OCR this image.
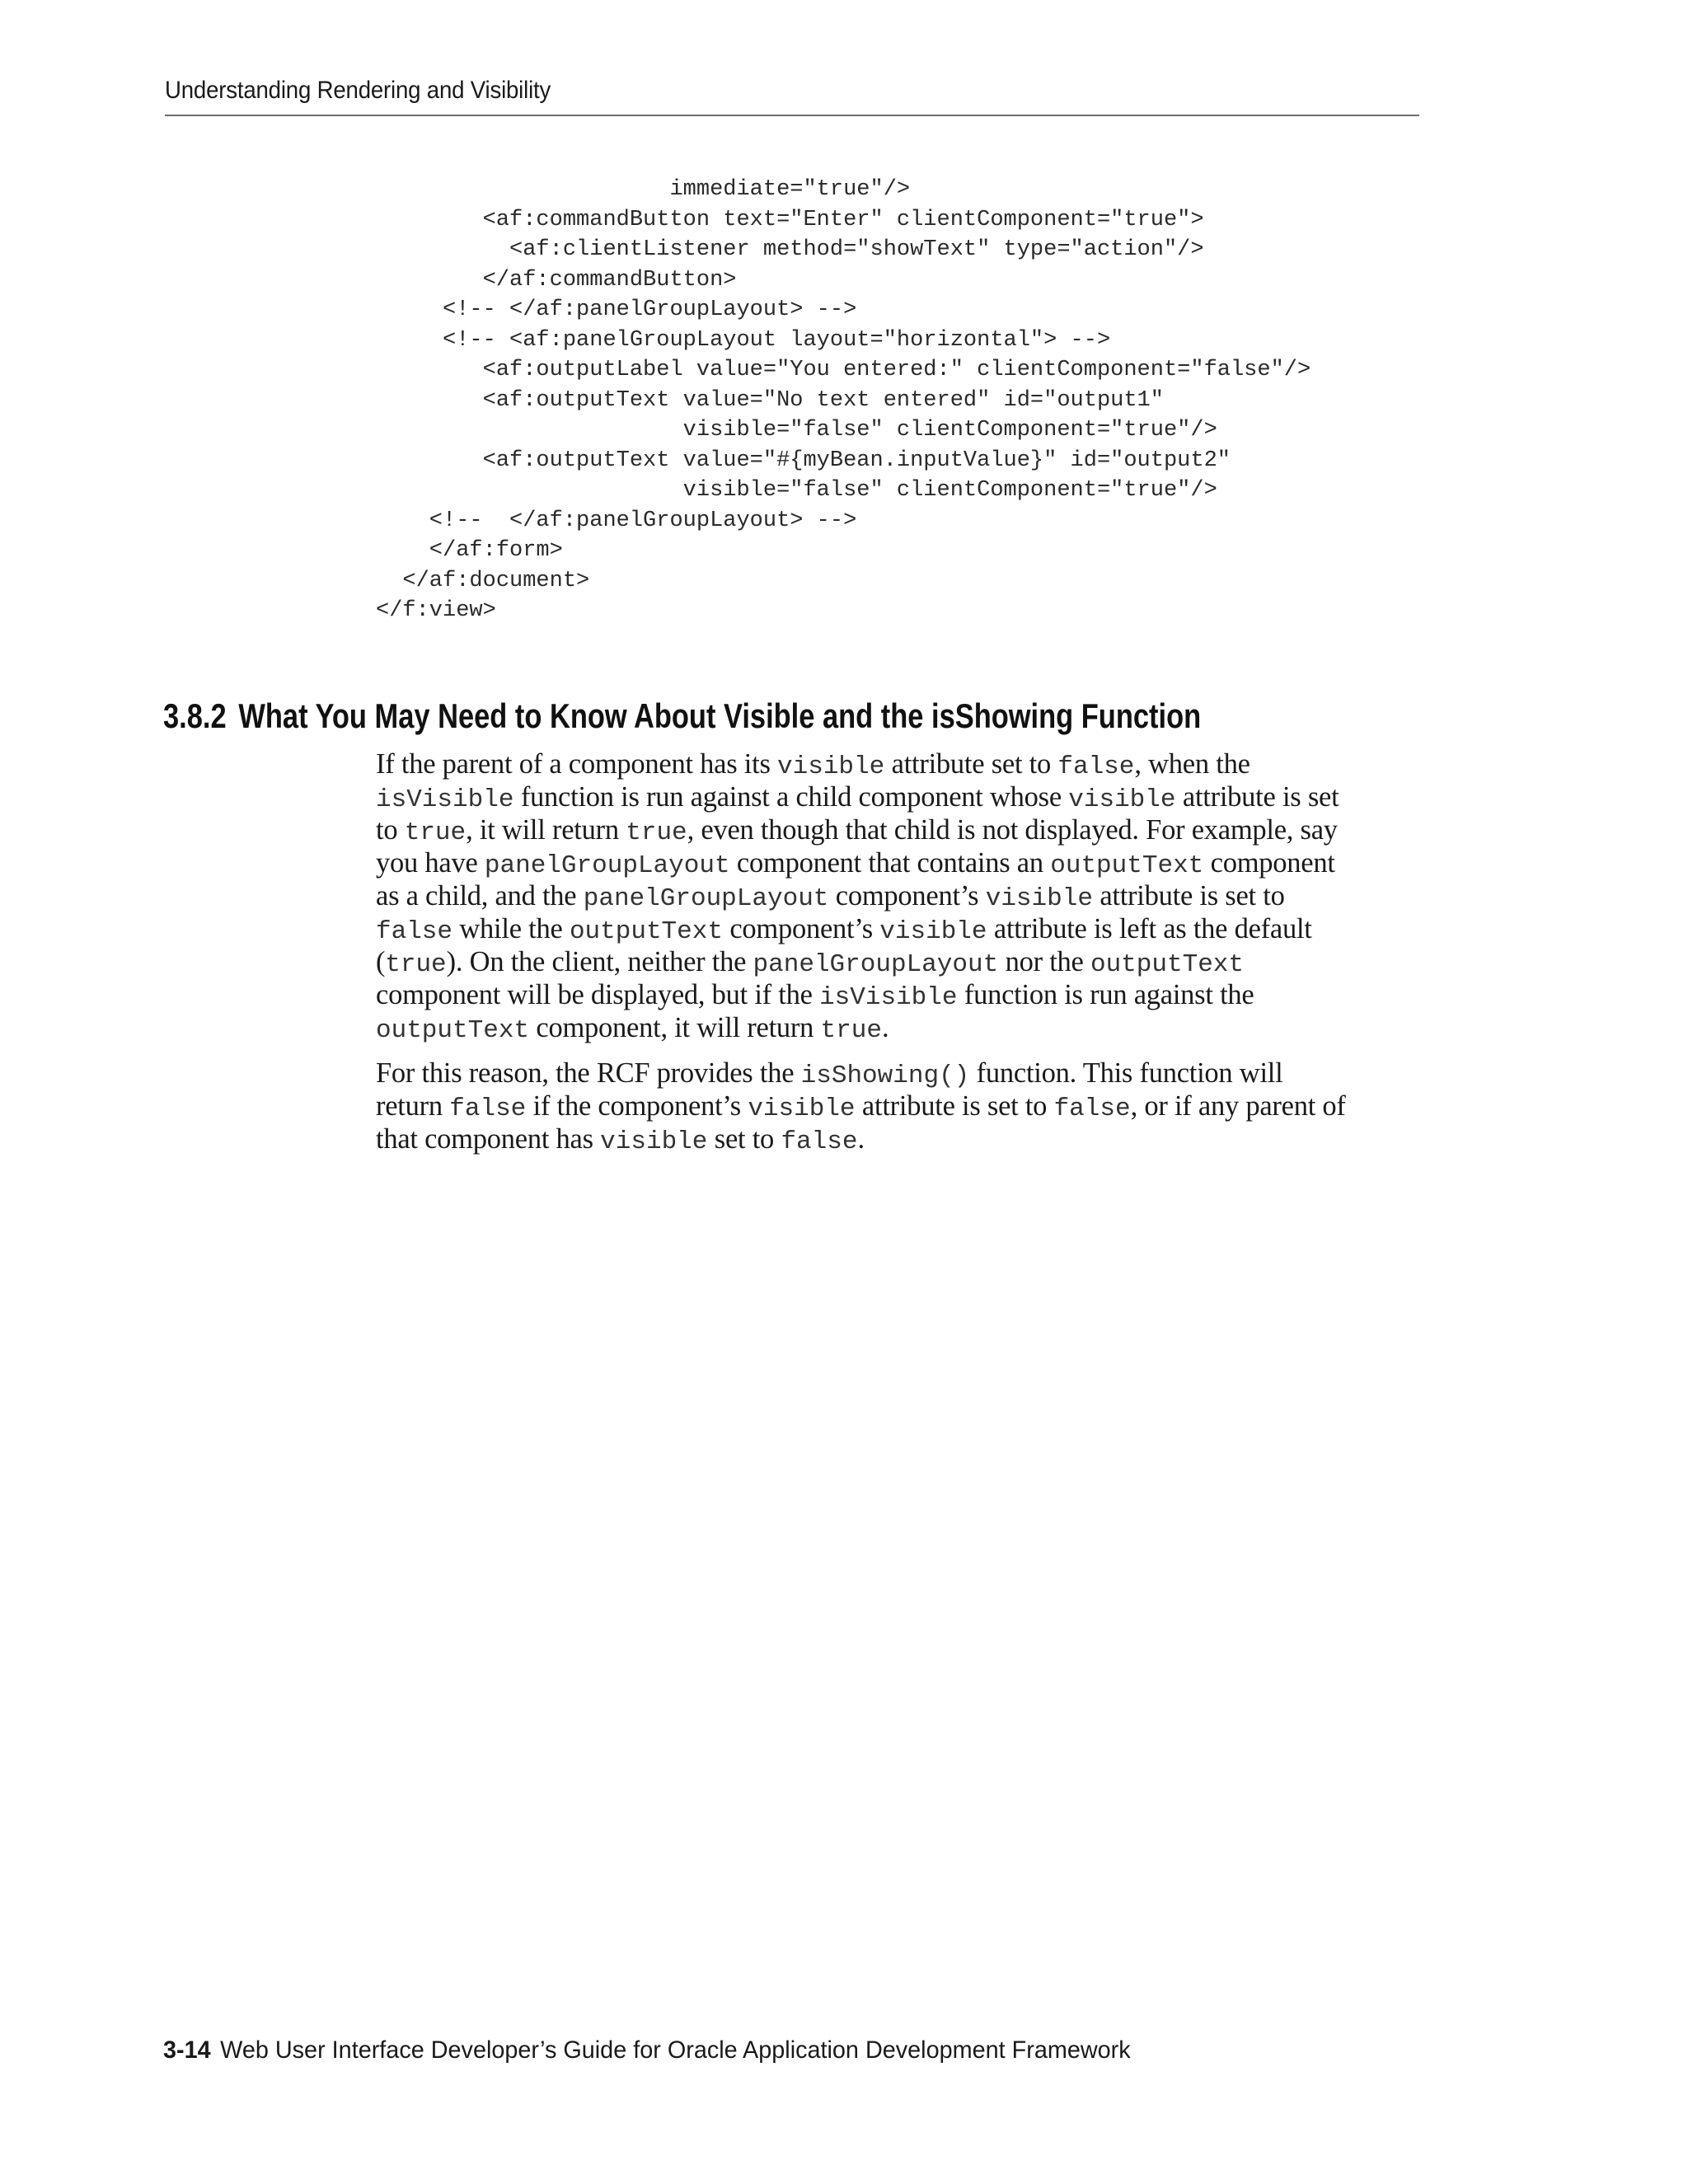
Understanding Rendering and Visibility
immediate="true"/>
<af:commandButton text="Enter" clientComponent="true">
<af:clientListener method="showText" type="action"/>
</af:commandButton>
<!-- </af:panelGroupLayout> -->
<!-- <af:panelGroupLayout layout="horizontal"> -->
<af:outputLabel value="You entered:" clientComponent="false"/>
<af:outputText value="No text entered" id="output1"
visible="false" clientComponent="true"/>
<af:outputText value="#{myBean.inputValue}" id="output2"
visible="false" clientComponent="true"/>
<!--  </af:panelGroupLayout> -->
</af:form>
</af:document>
</f:view>
3.8.2 What You May Need to Know About Visible and the isShowing Function
If the parent of a component has its visible attribute set to false, when the
isVisible function is run against a child component whose visible attribute is set
to true, it will return true, even though that child is not displayed. For example, say
you have panelGroupLayout component that contains an outputText component
as a child, and the panelGroupLayout component’s visible attribute is set to
false while the outputText component’s visible attribute is left as the default
(true). On the client, neither the panelGroupLayout nor the outputText
component will be displayed, but if the isVisible function is run against the
outputText component, it will return true.
For this reason, the RCF provides the isShowing() function. This function will
return false if the component’s visible attribute is set to false, or if any parent of
that component has visible set to false.
3-14 Web User Interface Developer’s Guide for Oracle Application Development Framework
